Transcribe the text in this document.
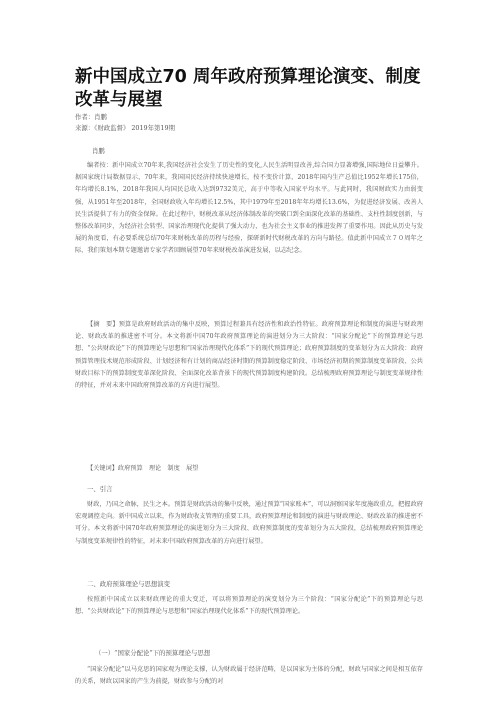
新中国成立70 周年政府预算理论演变、制度改革与展望
作者：肖鹏
来源：《财政监督》 2019年第19期
肖鹏

编者按：新中国成立70年来,我国经济社会发生了历史性的变化,人民生活明显改善,综合国力显著增强,国际地位日益攀升。据国家统计局数据显示，70年来，我国国民经济持续快速增长，按不变价计算，2018年国内生产总值比1952年增长175倍，年均增长8.1%，2018年我国人均国民总收入达到9732美元，高于中等收入国家平均水平。与此同时，我国财政实力由弱变强，从1951年至2018年，全国财政收入年均增长12.5%，其中1979年至2018年年均增长13.6%，为促进经济发展、改善人民生活提供了有力的资金保障。在此过程中，财税改革从经济体制改革的突破口到全面深化改革的基础性、支柱性制度创新，与整体改革同步，为经济社会转型、国家治理现代化提供了强大动力，也为社会主义事业的推进发挥了重要作用。因此从历史与发展的角度看，有必要系统总结70年来财税改革的历程与经验，探研新时代财税改革的方向与路径。值此新中国成立７０周年之际，我们策划本期专题邀请专家学者回顾展望70年来财税改革演进发展，以志纪念。

【摘　要】预算是政府财政活动的集中反映，预算过程兼具有经济性和政治性特征。政府预算理论和制度的演进与财政理论、财政改革的推进密不可分。本文将新中国70年政府预算理论的演进划分为三大阶段：“国家分配论”下的预算理论与思想、“公共财政论”下的预算理论与思想和“国家治理现代化体系”下的现代预算理论；政府预算制度的变革划分为五大阶段：政府预算管理技术规范形成阶段、计划经济和有计划的商品经济时期的预算制度稳定阶段、市场经济初期的预算制度变革阶段、公共财政目标下的预算制度变革深化阶段、全面深化改革背景下的现代预算制度构建阶段。总结梳理政府预算理论与制度变革规律性的特征，并对未来中国政府预算改革的方向进行展望。

【关键词】政府预算　理论　制度　展望

一、引言

财政，乃国之命脉，民生之本。预算是财政活动的集中反映，通过预算“国家账本”，可以洞察国家年度施政重点，把握政府宏观调控走向。新中国成立以来，作为财政收支管理的重要工具，政府预算理论和制度的演进与财政理论、财政改革的推进密不可分。本文将新中国70年政府预算理论的演进划分为三大阶段、政府预算制度的变革划分为五大阶段，总结梳理政府预算理论与制度变革规律性的特征，对未来中国政府预算改革的方向进行展望。

二、政府预算理论与思想演变

按照新中国成立以来财政理论的重大变迁，可以将预算理论的演变划分为三个阶段：“国家分配论”下的预算理论与思想、“公共财政论”下的预算理论与思想和“国家治理现代化体系”下的现代预算理论。

（一）“国家分配论”下的预算理论与思想

“国家分配论”以马克思的国家观为理论支撑，认为财政属于经济范畴，是以国家为主体的分配，财政与国家之间是相互依存的关系，财政以国家的产生为前提，财政参与分配的对
